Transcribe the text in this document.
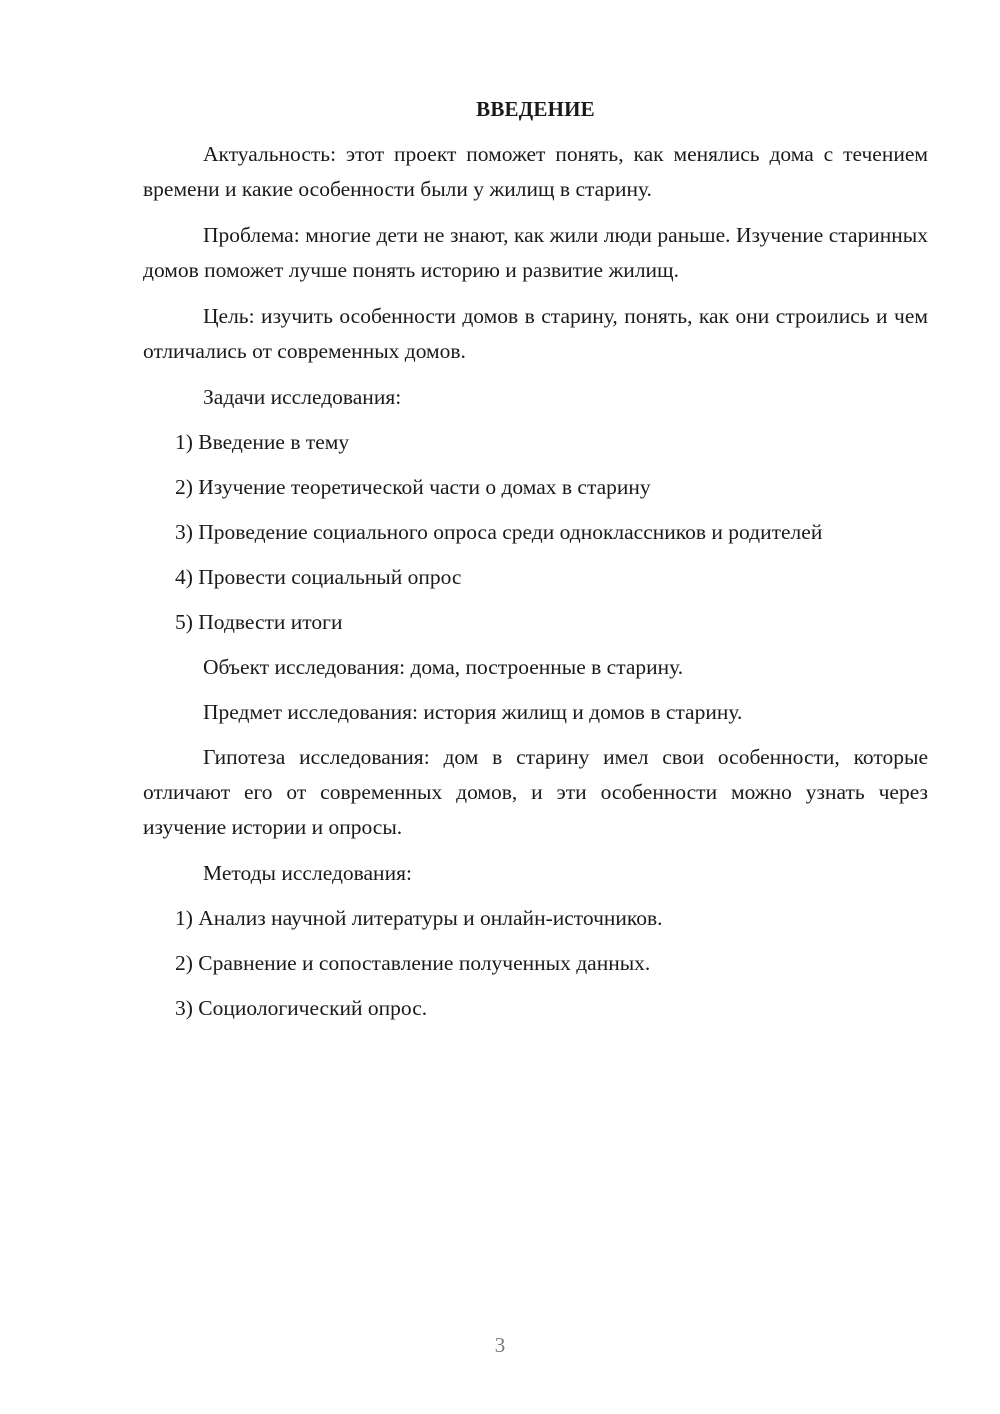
ВВЕДЕНИЕ
Актуальность: этот проект поможет понять, как менялись дома с течением времени и какие особенности были у жилищ в старину.
Проблема: многие дети не знают, как жили люди раньше. Изучение старинных домов поможет лучше понять историю и развитие жилищ.
Цель: изучить особенности домов в старину, понять, как они строились и чем отличались от современных домов.
Задачи исследования:
1) Введение в тему
2) Изучение теоретической части о домах в старину
3) Проведение социального опроса среди одноклассников и родителей
4) Провести социальный опрос
5) Подвести итоги
Объект исследования: дома, построенные в старину.
Предмет исследования: история жилищ и домов в старину.
Гипотеза исследования: дом в старину имел свои особенности, которые отличают его от современных домов, и эти особенности можно узнать через изучение истории и опросы.
Методы исследования:
1) Анализ научной литературы и онлайн-источников.
2) Сравнение и сопоставление полученных данных.
3) Социологический опрос.
3
